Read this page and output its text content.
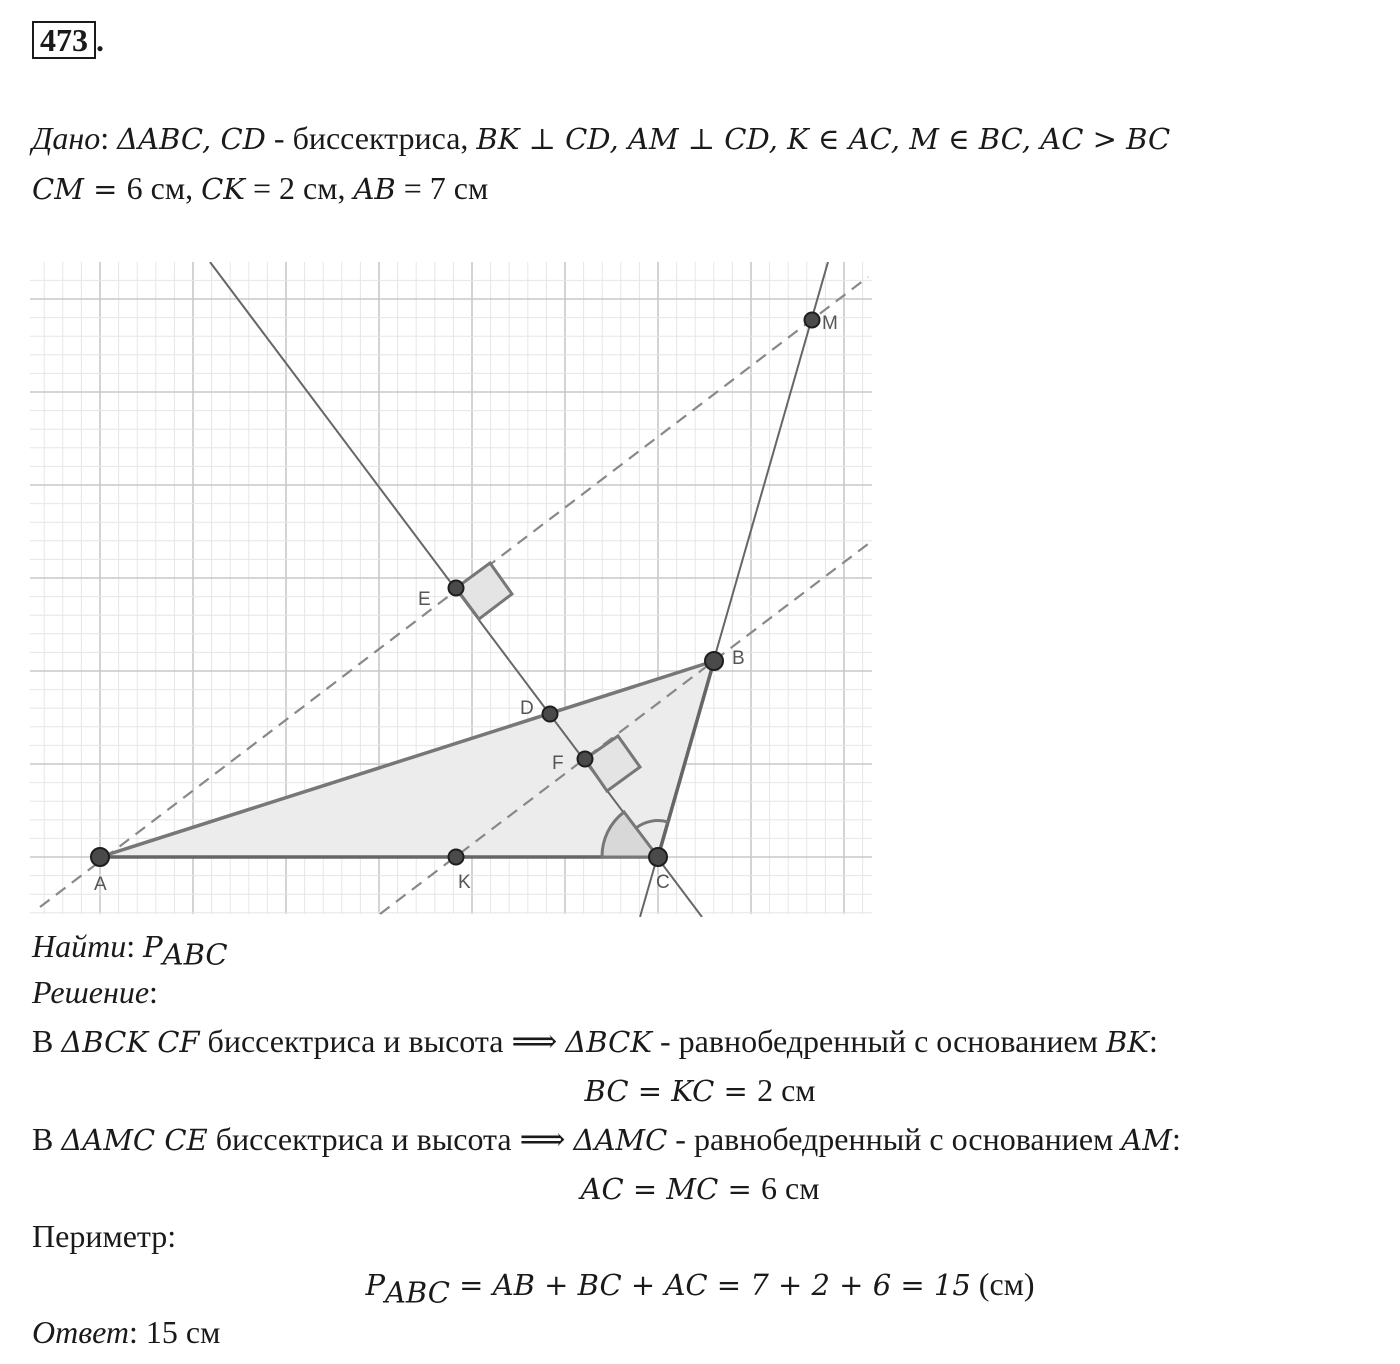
473 .
Дано: ΔABC, CD - биссектриса, BK ⊥ CD, AM ⊥ CD, K ∈ AC, M ∈ BC, AC > BC
CM = 6 см, CK = 2 см, AB = 7 см
A
B
C
D
E
F
K
M
Найти: $P_{ABC}$
Решение:
В ΔBCK CF биссектриса и высота ⟹ ΔBCK - равнобедренный с основанием BK:
BC = KC = 2 см
В ΔAMC CE биссектриса и высота ⟹ ΔAMC - равнобедренный с основанием AM:
AC = MC = 6 см
Периметр:
$P_{ABC}$ = AB + BC + AC = 7 + 2 + 6 = 15 (см)
Ответ: 15 см
